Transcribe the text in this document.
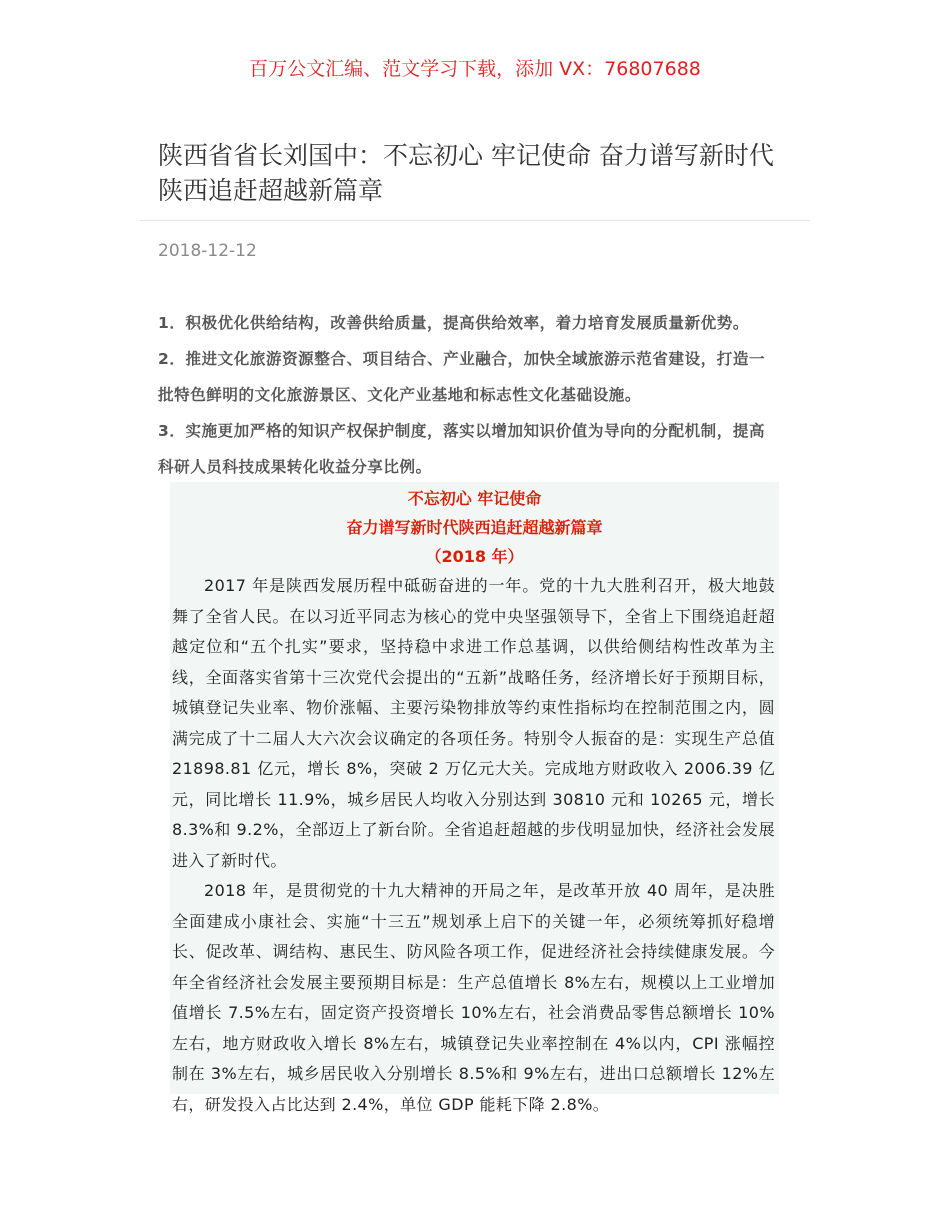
百万公文汇编、范文学习下载，添加 VX：76807688
陕西省省长刘国中：不忘初心 牢记使命 奋力谱写新时代陕西追赶超越新篇章
2018-12-12

1．积极优化供给结构，改善供给质量，提高供给效率，着力培育发展质量新优势。

2．推进文化旅游资源整合、项目结合、产业融合，加快全域旅游示范省建设，打造一批特色鲜明的文化旅游景区、文化产业基地和标志性文化基础设施。

3．实施更加严格的知识产权保护制度，落实以增加知识价值为导向的分配机制，提高科研人员科技成果转化收益分享比例。

不忘初心 牢记使命

奋力谱写新时代陕西追赶超越新篇章

（2018 年）

2017 年是陕西发展历程中砥砺奋进的一年。党的十九大胜利召开，极大地鼓舞了全省人民。在以习近平同志为核心的党中央坚强领导下，全省上下围绕追赶超越定位和“五个扎实”要求，坚持稳中求进工作总基调，以供给侧结构性改革为主线，全面落实省第十三次党代会提出的“五新”战略任务，经济增长好于预期目标，城镇登记失业率、物价涨幅、主要污染物排放等约束性指标均在控制范围之内，圆满完成了十二届人大六次会议确定的各项任务。特别令人振奋的是：实现生产总值 21898.81 亿元，增长 8%，突破 2 万亿元大关。完成地方财政收入 2006.39 亿元，同比增长 11.9%，城乡居民人均收入分别达到 30810 元和 10265 元，增长 8.3%和 9.2%，全部迈上了新台阶。全省追赶超越的步伐明显加快，经济社会发展进入了新时代。

2018 年，是贯彻党的十九大精神的开局之年，是改革开放 40 周年，是决胜全面建成小康社会、实施“十三五”规划承上启下的关键一年，必须统筹抓好稳增长、促改革、调结构、惠民生、防风险各项工作，促进经济社会持续健康发展。今年全省经济社会发展主要预期目标是：生产总值增长 8%左右，规模以上工业增加值增长 7.5%左右，固定资产投资增长 10%左右，社会消费品零售总额增长 10%左右，地方财政收入增长 8%左右，城镇登记失业率控制在 4%以内，CPI 涨幅控制在 3%左右，城乡居民收入分别增长 8.5%和 9%左右，进出口总额增长 12%左右，研发投入占比达到 2.4%，单位 GDP 能耗下降 2.8%。
